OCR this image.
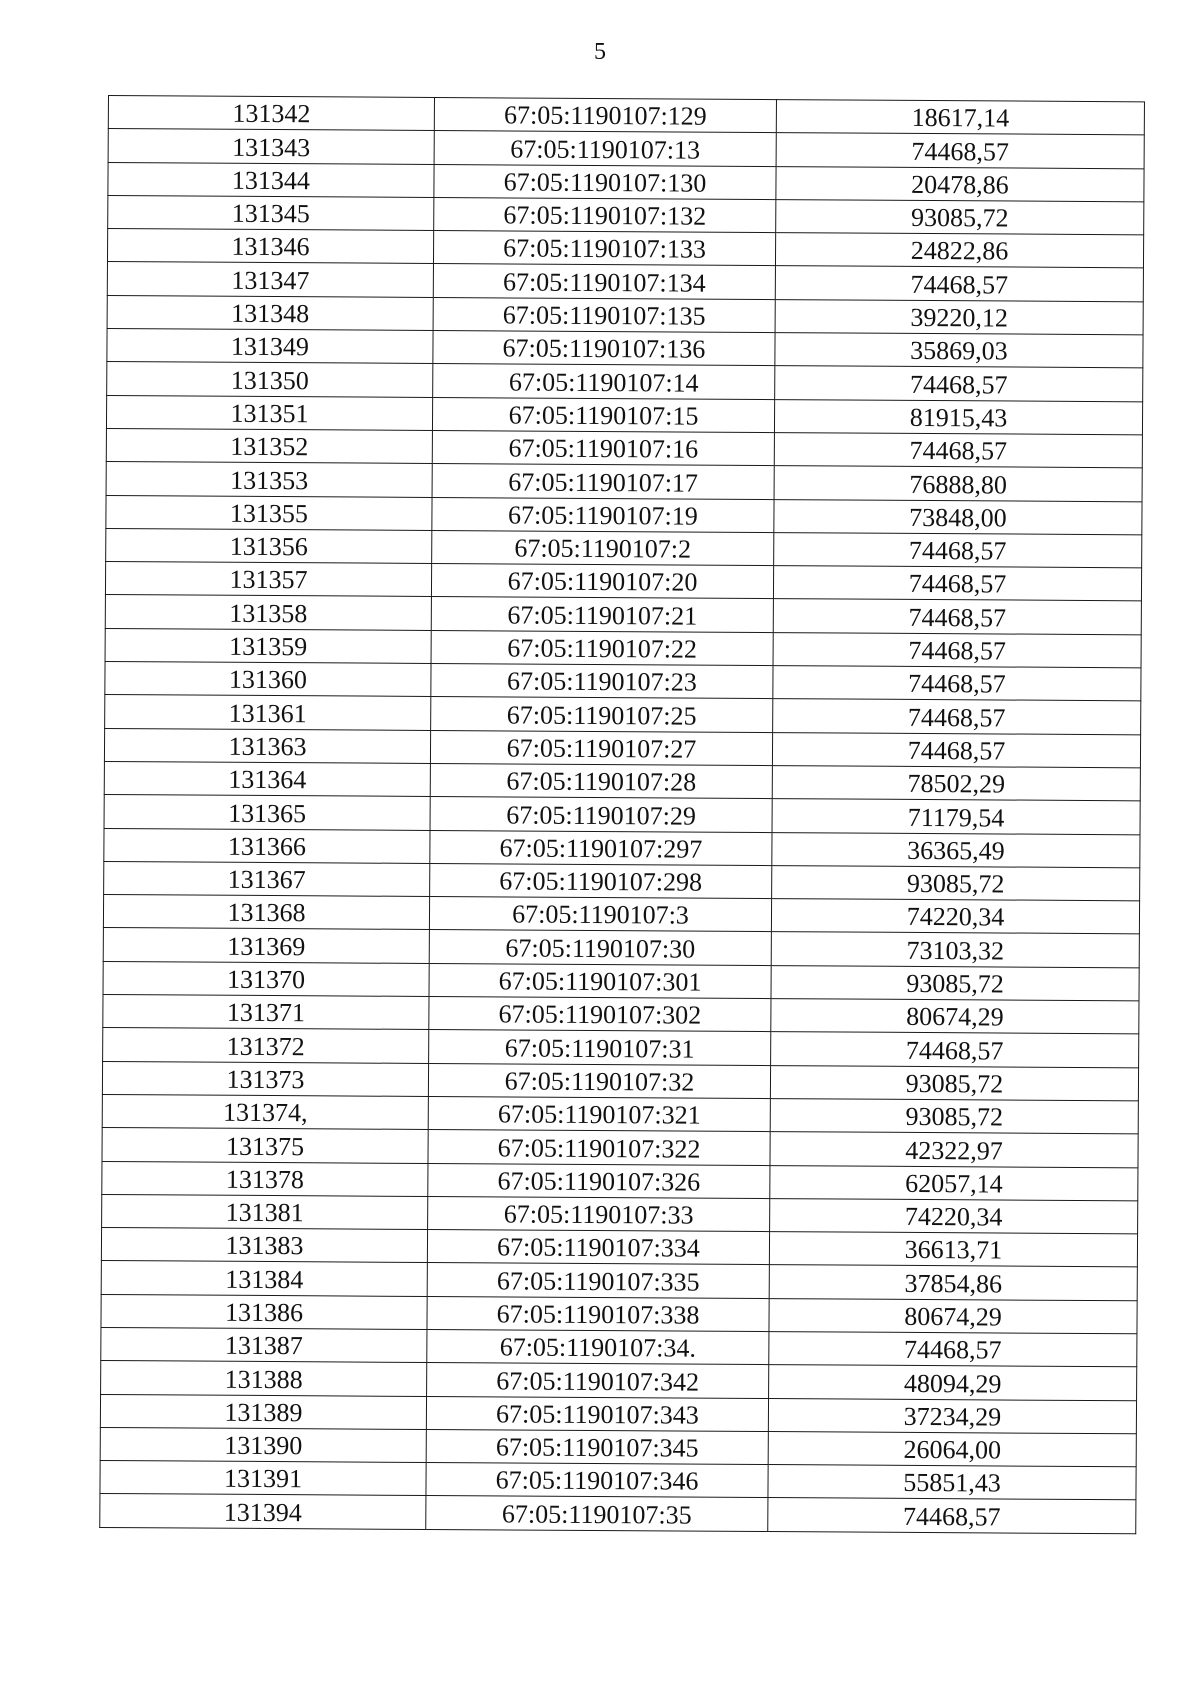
5
131342	67:05:1190107:129	18617,14
131343	67:05:1190107:13	74468,57
131344	67:05:1190107:130	20478,86
131345	67:05:1190107:132	93085,72
131346	67:05:1190107:133	24822,86
131347	67:05:1190107:134	74468,57
131348	67:05:1190107:135	39220,12
131349	67:05:1190107:136	35869,03
131350	67:05:1190107:14	74468,57
131351	67:05:1190107:15	81915,43
131352	67:05:1190107:16	74468,57
131353	67:05:1190107:17	76888,80
131355	67:05:1190107:19	73848,00
131356	67:05:1190107:2	74468,57
131357	67:05:1190107:20	74468,57
131358	67:05:1190107:21	74468,57
131359	67:05:1190107:22	74468,57
131360	67:05:1190107:23	74468,57
131361	67:05:1190107:25	74468,57
131363	67:05:1190107:27	74468,57
131364	67:05:1190107:28	78502,29
131365	67:05:1190107:29	71179,54
131366	67:05:1190107:297	36365,49
131367	67:05:1190107:298	93085,72
131368	67:05:1190107:3	74220,34
131369	67:05:1190107:30	73103,32
131370	67:05:1190107:301	93085,72
131371	67:05:1190107:302	80674,29
131372	67:05:1190107:31	74468,57
131373	67:05:1190107:32	93085,72
131374,	67:05:1190107:321	93085,72
131375	67:05:1190107:322	42322,97
131378	67:05:1190107:326	62057,14
131381	67:05:1190107:33	74220,34
131383	67:05:1190107:334	36613,71
131384	67:05:1190107:335	37854,86
131386	67:05:1190107:338	80674,29
131387	67:05:1190107:34.	74468,57
131388	67:05:1190107:342	48094,29
131389	67:05:1190107:343	37234,29
131390	67:05:1190107:345	26064,00
131391	67:05:1190107:346	55851,43
131394	67:05:1190107:35	74468,57
